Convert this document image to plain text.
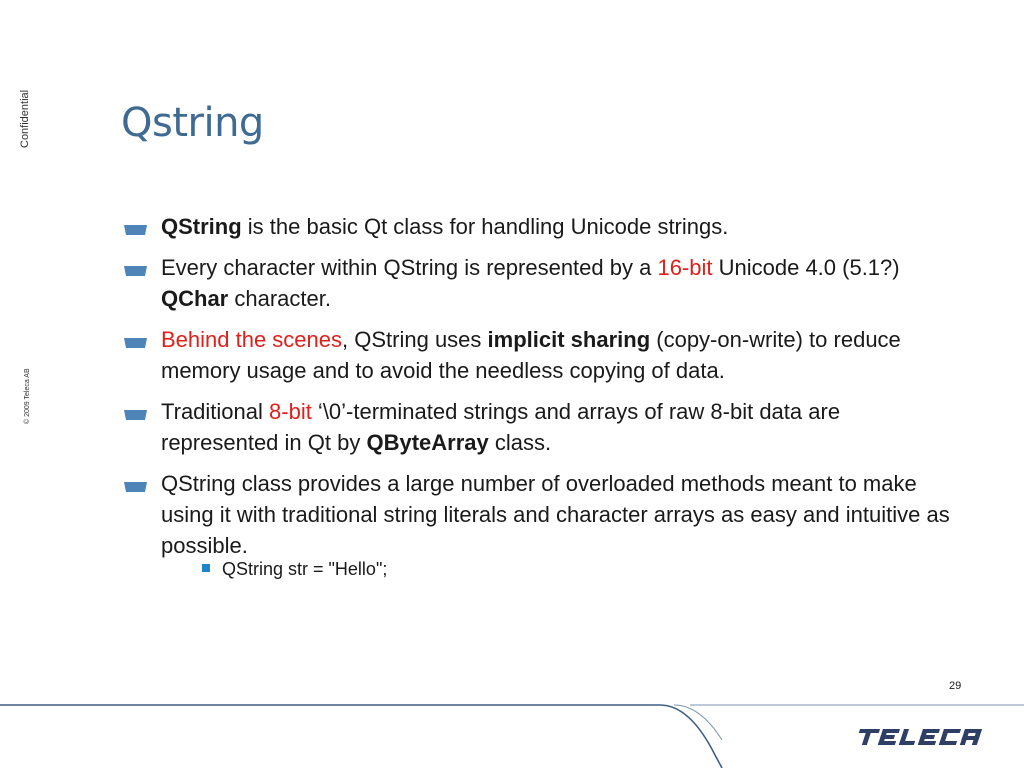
Confidential
© 2009 Teleca AB
Qstring
QString is the basic Qt class for handling Unicode strings.
Every character within QString is represented by a 16-bit Unicode 4.0 (5.1?) QChar character.
Behind the scenes, QString uses implicit sharing (copy-on-write) to reduce memory usage and to avoid the needless copying of data.
Traditional 8-bit ‘\0’-terminated strings and arrays of raw 8-bit data are represented in Qt by QByteArray class.
QString class provides a large number of overloaded methods meant to make using it with traditional string literals and character arrays as easy and intuitive as possible.
QString str = "Hello";
29
